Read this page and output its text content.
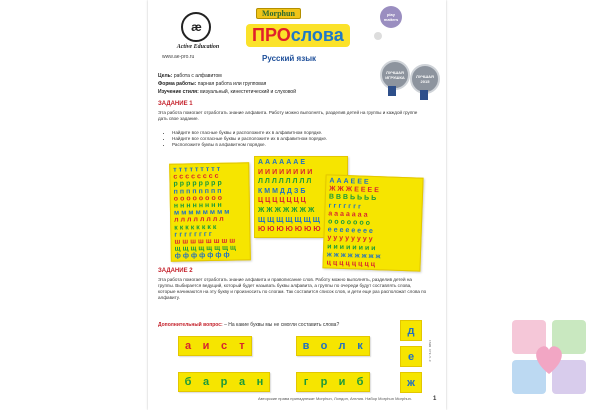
æ
Active Education
www.ae-pro.ru
Morphun
ПРОслова
Русский язык
play matters
ЛУЧШАЯ ИГРУШКА	ЛУЧШАЯ 2015
Цель: работа с алфавитом
Форма работы: парная работа или групповая
Изучение стиля: визуальный, кинестетический и слуховой
ЗАДАНИЕ 1
Эта работа помогает отработать знание алфавита. Работу можно выполнять, разделив детей на группы и каждой группе дать свое задание.
• Найдите все гласные буквы и расположите их в алфавитном порядке.
• Найдите все согласные буквы и расположите их в алфавитном порядке.
• Расположите буквы в алфавитном порядке.
ттттттттт
сссссссс
рррррррр
пппппппп
оооооооо
нннннннн
мммммммм
лллллллл
кккккккк
гггггггг
шшшшшшшш
щщщщщщщщ
ффффффф
ААААААЕ
ИИИИИИИИ
ЛЛЛЛЛЛЛЛ
КММДДЗБ
ЦЦЦЦЦЦЦ
ЖЖЖЖЖЖЖ
ЩЩЩЩЩЩЩ
ЮЮЮЮЮЮЮ
АААЕЕЕ
ЖЖЖЕЕЕЕ
ВВВЬЬЬЬ
ггггггг
ааааааа
ооооооо
ееееееее
уууууууу
ииииииии
жжжжжжжж
цццццццц
ЗАДАНИЕ 2
Эта работа помогает отработать знание алфавита и правописание слов. Работу можно выполнять, разделив детей на группы. Выбирается ведущий, который будет называть буквы алфавита, а группы по очереди будут составлять слова, которые начинаются на эту букву и произносить по слогам. Так составится список слов, и дети еще раз расположат слова по алфавиту.
Дополнительный вопрос: – На какие буквы мы не смогли составить слова?
а	и	с	т	в	о	л	к
б	а	р	а	н	г	р	и	б
д
е
ж
ISBN 978-5-9
Авторские права принадлежат Morphun, Лондон, Англия. Набор Morphun Morphun.	1
